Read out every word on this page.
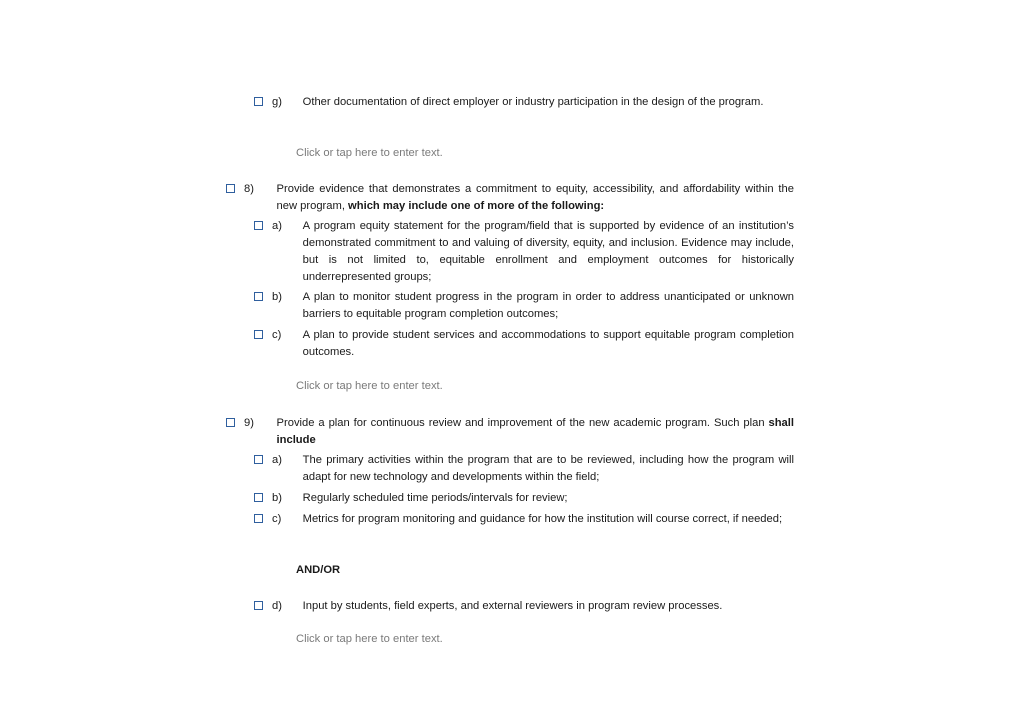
g)	Other documentation of direct employer or industry participation in the design of the program.
Click or tap here to enter text.
8)	Provide evidence that demonstrates a commitment to equity, accessibility, and affordability within the new program, which may include one of more of the following:
a)	A program equity statement for the program/field that is supported by evidence of an institution’s demonstrated commitment to and valuing of diversity, equity, and inclusion. Evidence may include, but is not limited to, equitable enrollment and employment outcomes for historically underrepresented groups;
b)	A plan to monitor student progress in the program in order to address unanticipated or unknown barriers to equitable program completion outcomes;
c)	A plan to provide student services and accommodations to support equitable program completion outcomes.
Click or tap here to enter text.
9)	Provide a plan for continuous review and improvement of the new academic program. Such plan shall include
a)	The primary activities within the program that are to be reviewed, including how the program will adapt for new technology and developments within the field;
b)	Regularly scheduled time periods/intervals for review;
c)	Metrics for program monitoring and guidance for how the institution will course correct, if needed;
AND/OR
d)	Input by students, field experts, and external reviewers in program review processes.
Click or tap here to enter text.
